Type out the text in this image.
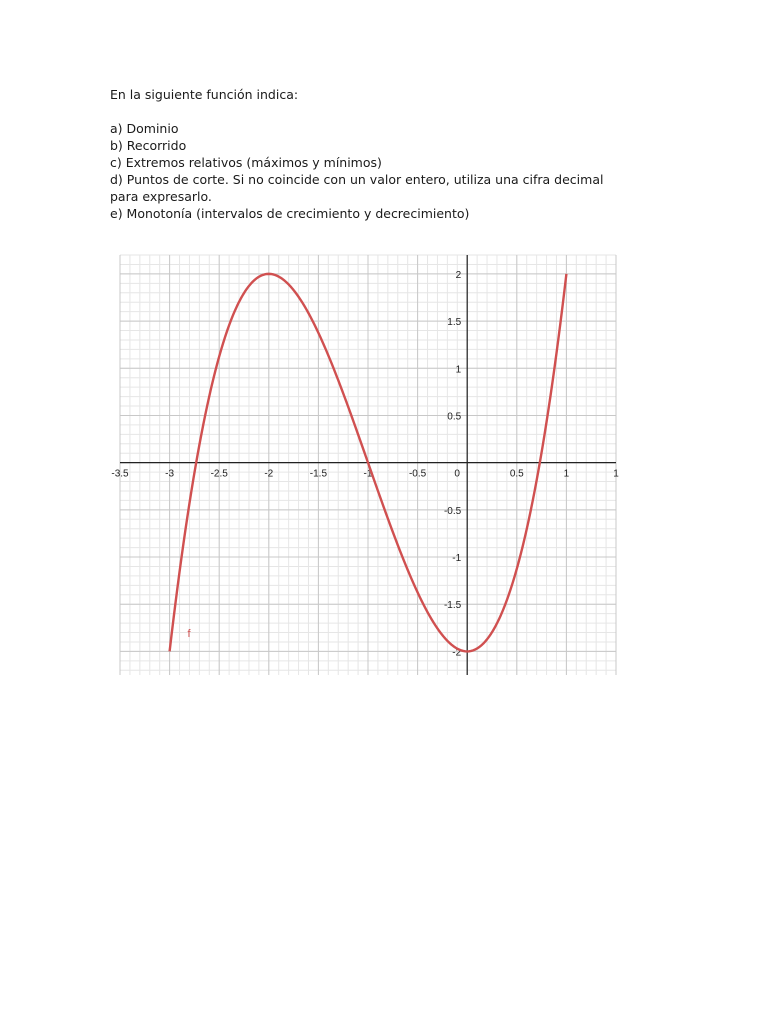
En la siguiente función indica:

a) Dominio

b) Recorrido

c) Extremos relativos (máximos y mínimos)

d) Puntos de corte. Si no coincide con un valor entero, utiliza una cifra decimal para expresarlo.

e) Monotonía (intervalos de crecimiento y decrecimiento)

-3.5	-3	-2.5	-2	-1.5	-1	-0.5	0	0.5	1	1
2
1.5
1
0.5
-0.5
-1
-1.5
-2
f
